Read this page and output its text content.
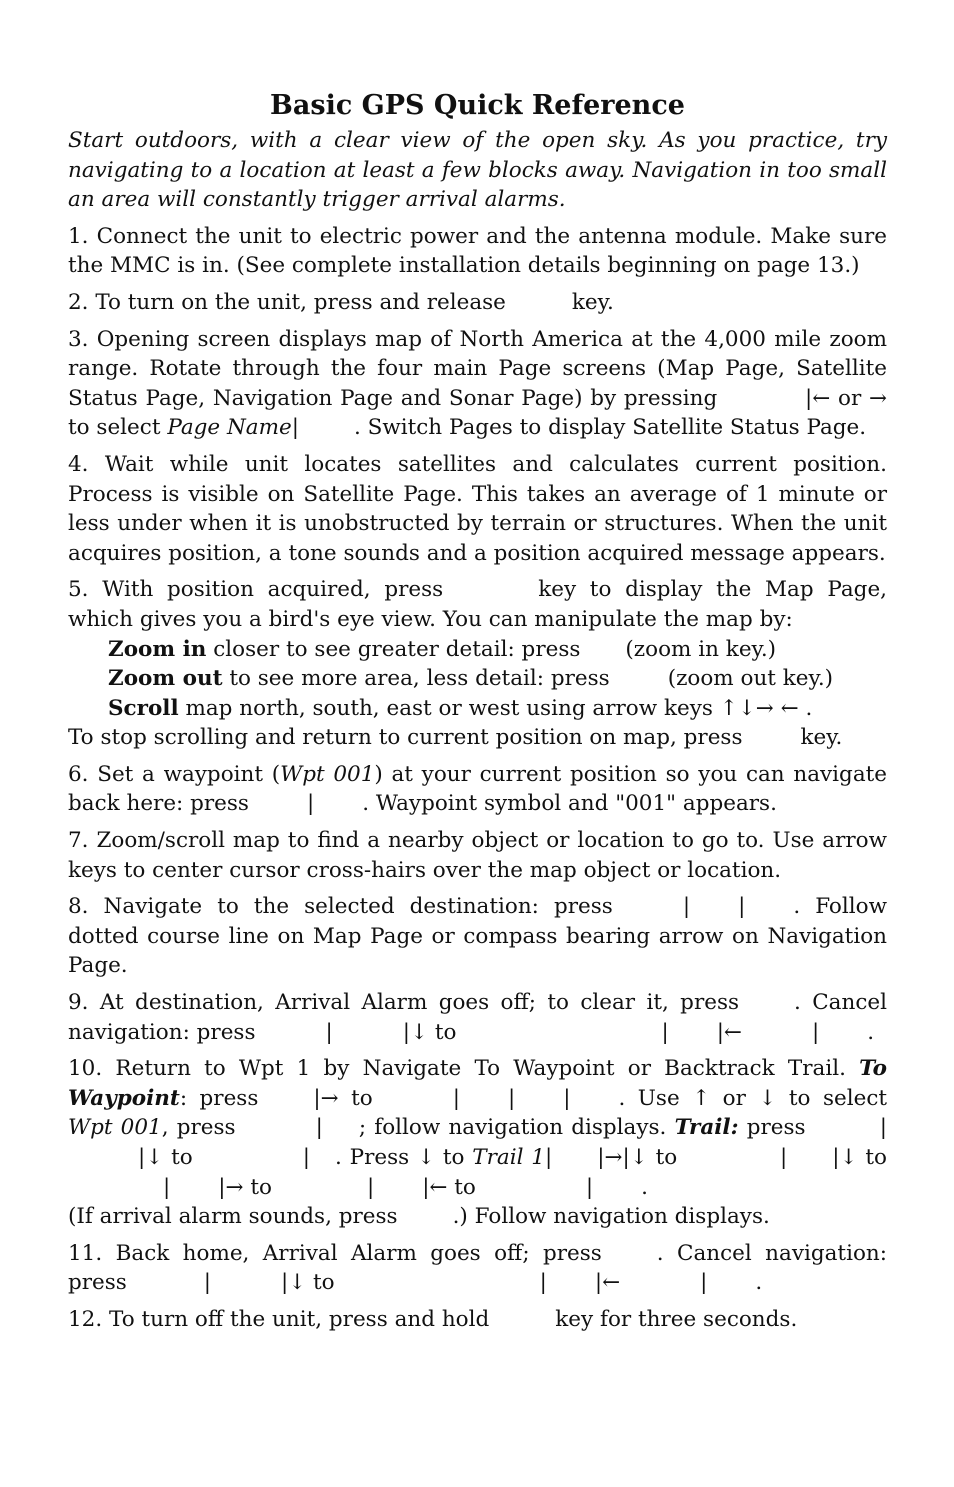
Basic GPS Quick Reference

Start outdoors, with a clear view of the open sky. As you practice, try navigating to a location at least a few blocks away. Navigation in too small an area will constantly trigger arrival alarms.

1. Connect the unit to electric power and the antenna module. Make sure the MMC is in. (See complete installation details beginning on page 13.)

2. To turn on the unit, press and release	key.

3. Opening screen displays map of North America at the 4,000 mile zoom range. Rotate through the four main Page screens (Map Page, Satellite Status Page, Navigation Page and Sonar Page) by pressing	|← or → to select Page Name|	. Switch Pages to display Satellite Status Page.

4. Wait while unit locates satellites and calculates current position. Process is visible on Satellite Page. This takes an average of 1 minute or less under when it is unobstructed by terrain or structures. When the unit acquires position, a tone sounds and a position acquired message appears.

5. With position acquired, press	key to display the Map Page, which gives you a bird's eye view. You can manipulate the map by:
Zoom in closer to see greater detail: press (zoom in key.)
Zoom out to see more area, less detail: press	(zoom out key.)
Scroll map north, south, east or west using arrow keys ↑↓→ ← .
To stop scrolling and return to current position on map, press	key.

6. Set a waypoint (Wpt 001) at your current position so you can navigate back here: press	| . Waypoint symbol and "001" appears.

7. Zoom/scroll map to find a nearby object or location to go to. Use arrow keys to center cursor cross-hairs over the map object or location.

8. Navigate to the selected destination: press	| | . Follow dotted course line on Map Page or compass bearing arrow on Navigation Page.

9. At destination, Arrival Alarm goes off; to clear it, press	. Cancel navigation: press	|	|↓ to	| |←	| .

10. Return to Wpt 1 by Navigate To Waypoint or Backtrack Trail. To Waypoint: press	|→ to	| | | . Use ↑ or ↓ to select Wpt 001, press	| ; follow navigation displays. Trail: press	||↓ to	| . Press ↓ to Trail 1| |→|↓ to	| |↓ to| |→ to	| |← to	| .
(If arrival alarm sounds, press	.) Follow navigation displays.

11. Back home, Arrival Alarm goes off; press	. Cancel navigation: press	|	|↓ to	| |←	| .

12. To turn off the unit, press and hold	key for three seconds.
